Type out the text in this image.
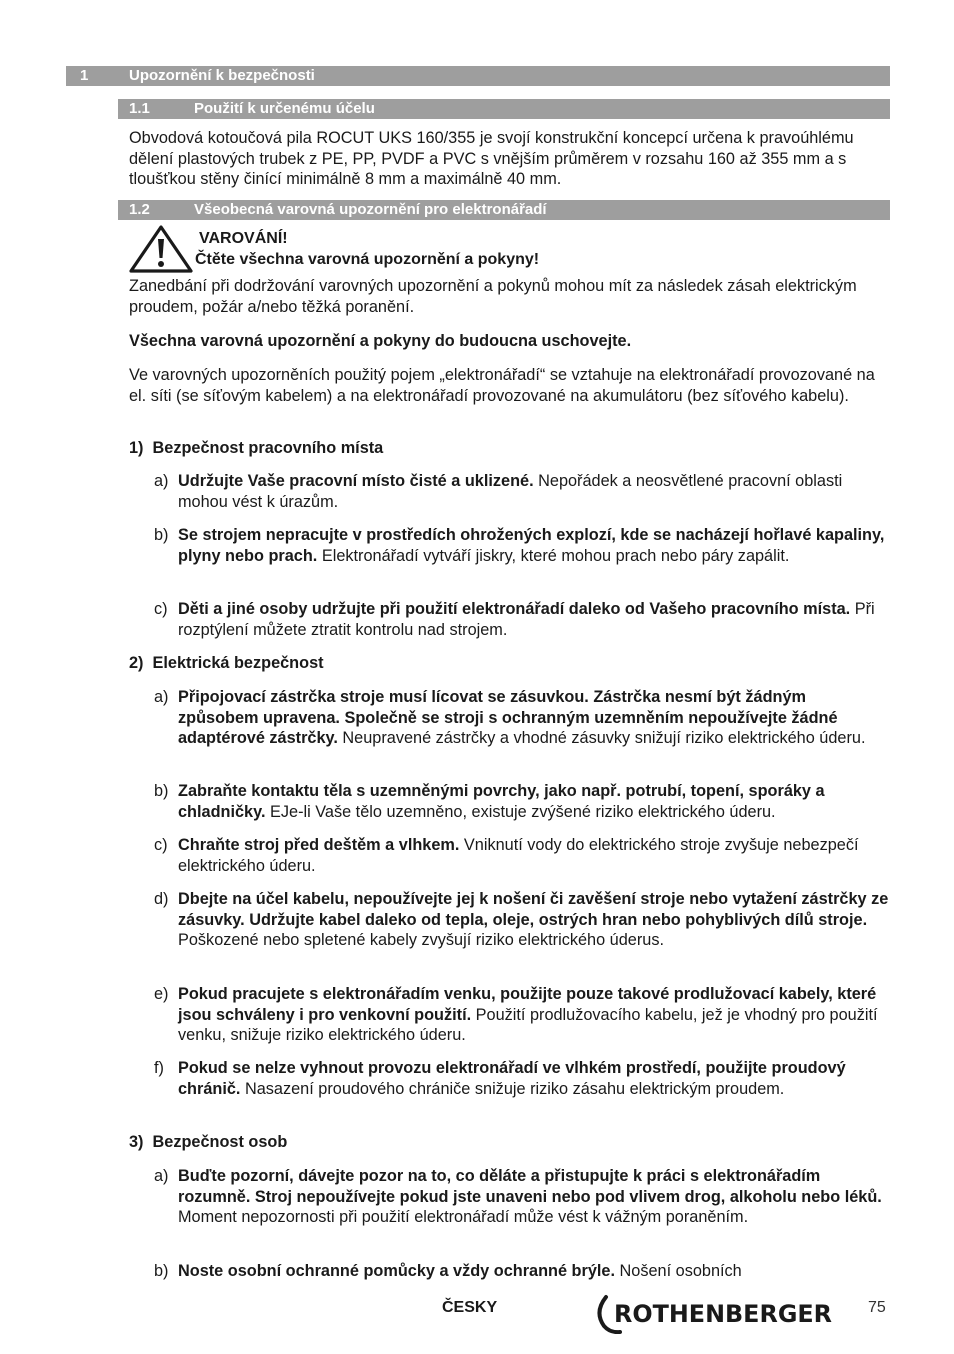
1	Upozornění k bezpečnosti
1.1	Použití k určenému účelu
Obvodová kotoučová pila ROCUT UKS 160/355 je svojí konstrukční koncepcí určena k pravoúhlému dělení plastových trubek z PE, PP, PVDF a PVC s vnějším průměrem v rozsahu 160 až 355 mm a s tloušťkou stěny činící minimálně 8 mm a maximálně 40 mm.
1.2	Všeobecná varovná upozornění pro elektronářadí
VAROVÁNÍ!
Čtěte všechna varovná upozornění a pokyny!
Zanedbání při dodržování varovných upozornění a pokynů mohou mít za následek zásah elektrickým proudem, požár a/nebo těžká poranění.
Všechna varovná upozornění a pokyny do budoucna uschovejte.
Ve varovných upozorněních použitý pojem „elektronářadí“ se vztahuje na elektronářadí provozované na el. síti (se síťovým kabelem) a na elektronářadí provozované na akumulátoru (bez síťového kabelu).
1)  Bezpečnost pracovního místa
a) Udržujte Vaše pracovní místo čisté a uklizené. Nepořádek a neosvětlené pracovní oblasti mohou vést k úrazům.
b) Se strojem nepracujte v prostředích ohrožených explozí, kde se nacházejí hořlavé kapaliny, plyny nebo prach. Elektronářadí vytváří jiskry, které mohou prach nebo páry zapálit.
c) Děti a jiné osoby udržujte při použití elektronářadí daleko od Vašeho pracovního místa. Při rozptýlení můžete ztratit kontrolu nad strojem.
2)  Elektrická bezpečnost
a) Připojovací zástrčka stroje musí lícovat se zásuvkou. Zástrčka nesmí být žádným způsobem upravena. Společně se stroji s ochranným uzemněním nepoužívejte žádné adaptérové zástrčky. Neupravené zástrčky a vhodné zásuvky snižují riziko elektrického úderu.
b) Zabraňte kontaktu těla s uzemněnými povrchy, jako např. potrubí, topení, sporáky a chladničky. EJe-li Vaše tělo uzemněno, existuje zvýšené riziko elektrického úderu.
c) Chraňte stroj před deštěm a vlhkem. Vniknutí vody do elektrického stroje zvyšuje nebezpečí elektrického úderu.
d) Dbejte na účel kabelu, nepoužívejte jej k nošení či zavěšení stroje nebo vytažení zástrčky ze zásuvky. Udržujte kabel daleko od tepla, oleje, ostrých hran nebo pohyblivých dílů stroje. Poškozené nebo spletené kabely zvyšují riziko elektrického úderus.
e) Pokud pracujete s elektronářadím venku, použijte pouze takové prodlužovací kabely, které jsou schváleny i pro venkovní použití. Použití prodlužovacího kabelu, jež je vhodný pro použití venku, snižuje riziko elektrického úderu.
f) Pokud se nelze vyhnout provozu elektronářadí ve vlhkém prostředí, použijte proudový chránič. Nasazení proudového chrániče snižuje riziko zásahu elektrickým proudem.
3)  Bezpečnost osob
a) Buďte pozorní, dávejte pozor na to, co děláte a přistupujte k práci s elektronářadím rozumně. Stroj nepoužívejte pokud jste unaveni nebo pod vlivem drog, alkoholu nebo léků. Moment nepozornosti při použití elektronářadí může vést k vážným poraněním.
b) Noste osobní ochranné pomůcky a vždy ochranné brýle. Nošení osobních
ČESKY	ROTHENBERGER 75
